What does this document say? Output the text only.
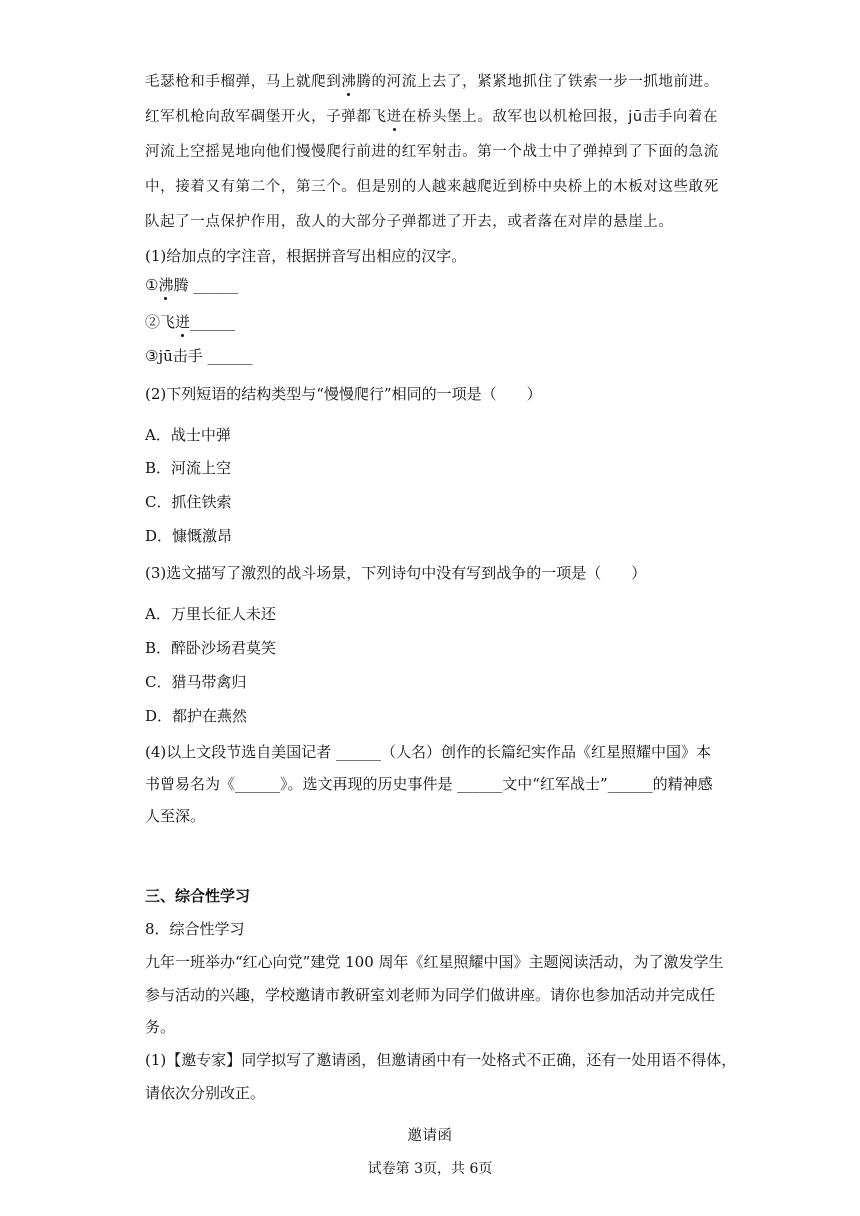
毛瑟枪和手榴弹，马上就爬到沸腾的河流上去了，紧紧地抓住了铁索一步一抓地前进。
红军机枪向敌军碉堡开火，子弹都飞迸在桥头堡上。敌军也以机枪回报，jū击手向着在
河流上空摇晃地向他们慢慢爬行前进的红军射击。第一个战士中了弹掉到了下面的急流
中，接着又有第二个，第三个。但是别的人越来越爬近到桥中央桥上的木板对这些敢死
队起了一点保护作用，敌人的大部分子弹都迸了开去，或者落在对岸的悬崖上。
(1)给加点的字注音，根据拼音写出相应的汉字。
①沸腾 ______
②飞迸______
③jū击手 ______
(2)下列短语的结构类型与“慢慢爬行”相同的一项是（　　）
A．战士中弹
B．河流上空
C．抓住铁索
D．慷慨激昂
(3)选文描写了激烈的战斗场景，下列诗句中没有写到战争的一项是（　　）
A．万里长征人未还
B．醉卧沙场君莫笑
C．猎马带禽归
D．都护在燕然
(4)以上文段节选自美国记者 ______（人名）创作的长篇纪实作品《红星照耀中国》本
书曾易名为《______》。选文再现的历史事件是 ______文中“红军战士”______的精神感
人至深。
三、综合性学习
8．综合性学习
九年一班举办“红心向党”建党 100 周年《红星照耀中国》主题阅读活动，为了激发学生
参与活动的兴趣，学校邀请市教研室刘老师为同学们做讲座。请你也参加活动并完成任
务。
(1)【邀专家】同学拟写了邀请函，但邀请函中有一处格式不正确，还有一处用语不得体，
请依次分别改正。
邀请函
试卷第 3页，共 6页
